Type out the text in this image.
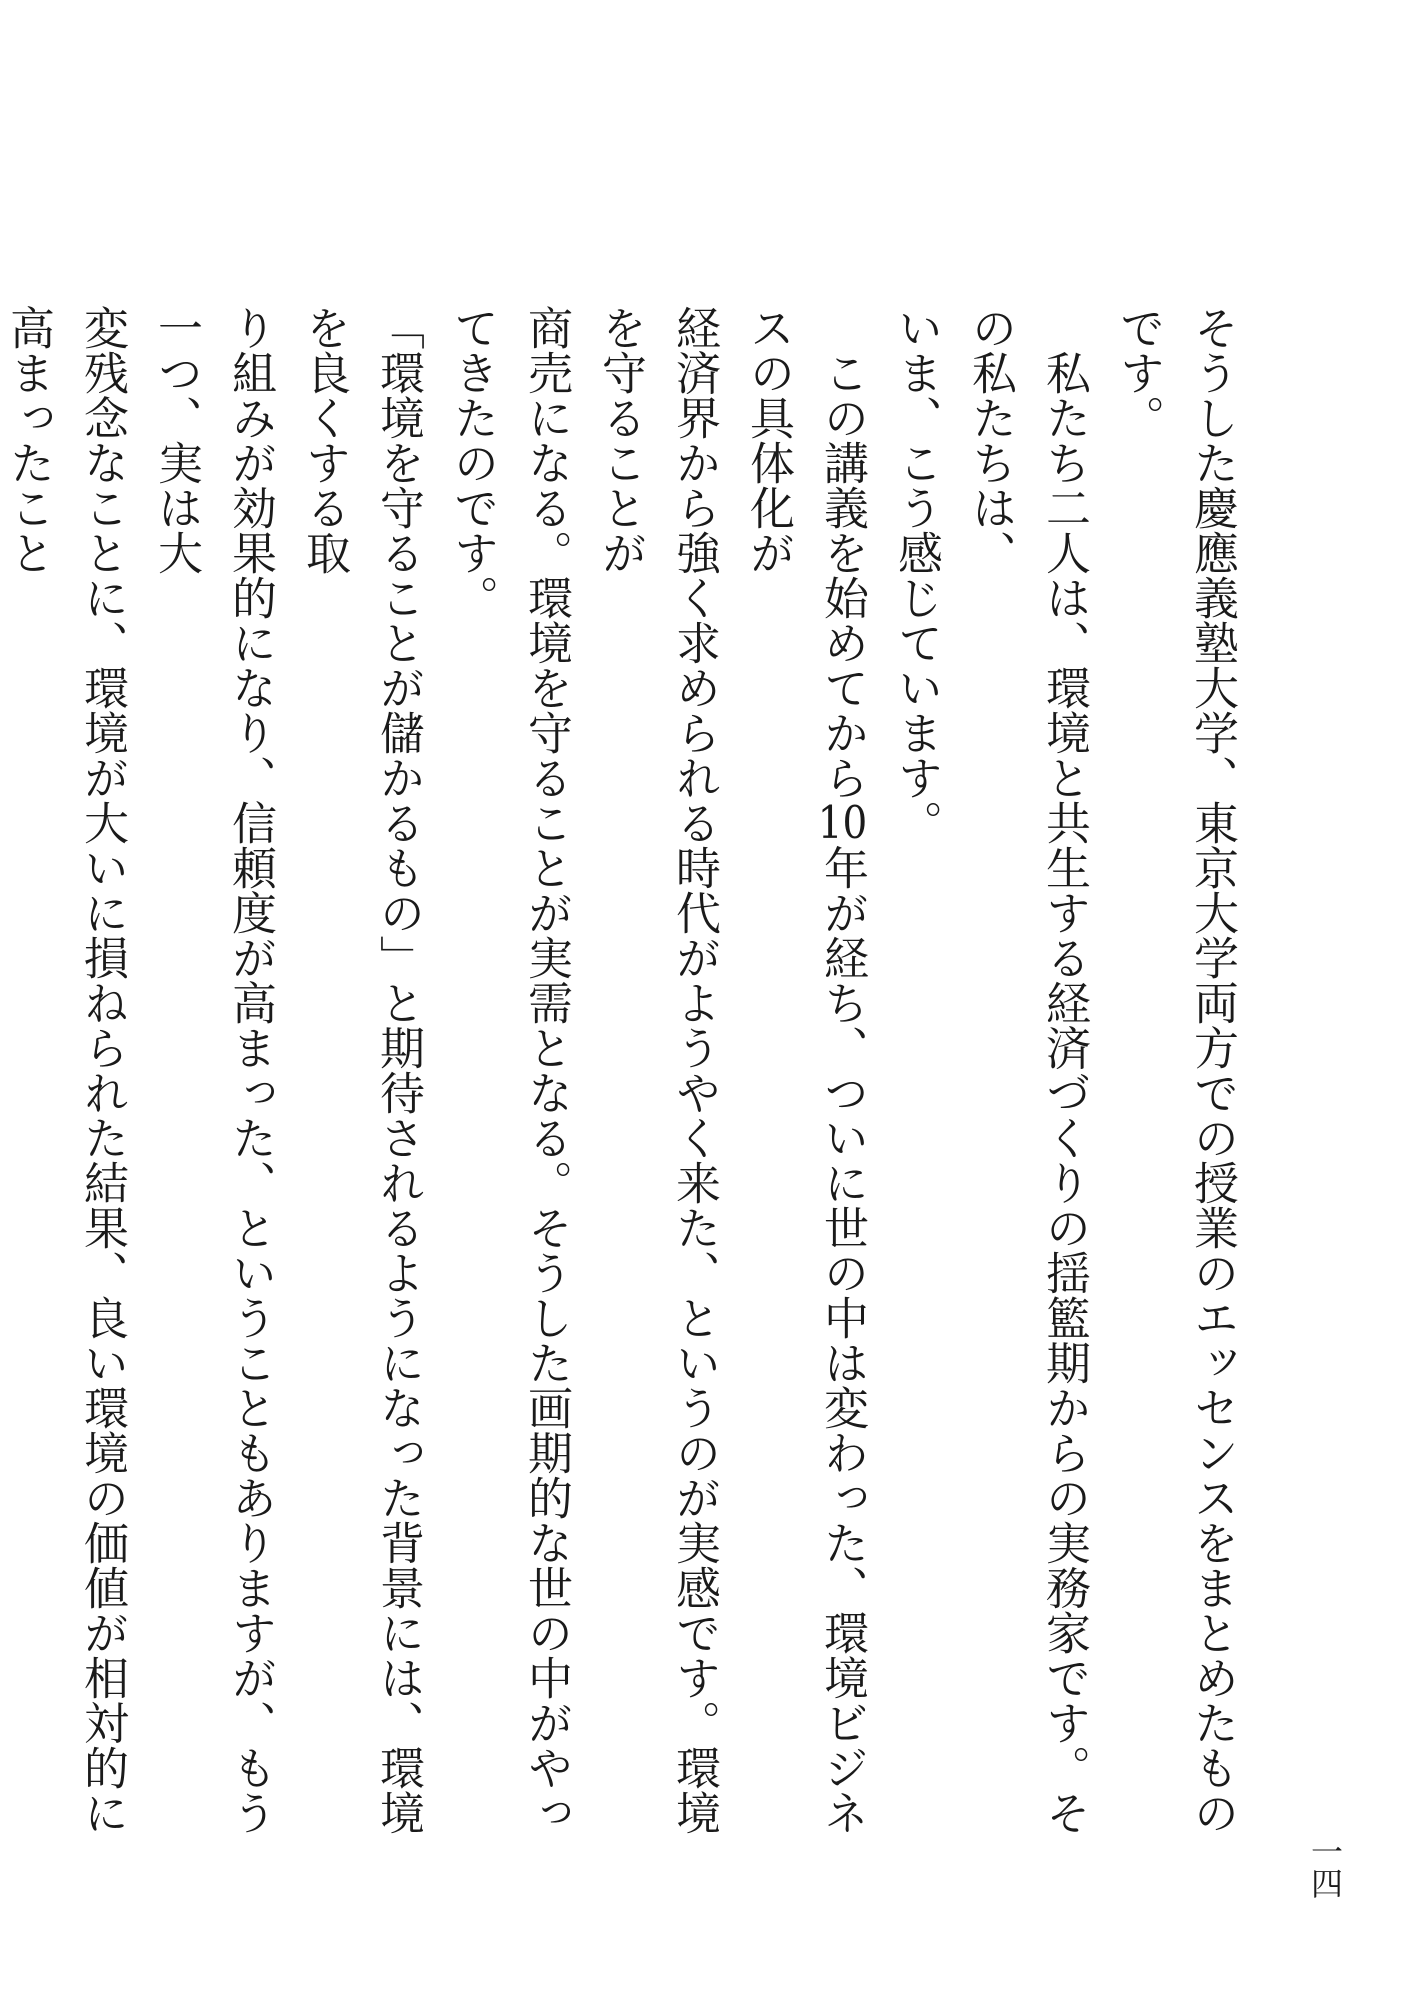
そうした慶應義塾大学、東京大学両方での授業のエッセンスをまとめたものです。
　私たち二人は、環境と共生する経済づくりの揺籃期からの実務家です。その私たちは、
いま、こう感じています。
　この講義を始めてから10年が経ち、ついに世の中は変わった、環境ビジネスの具体化が
経済界から強く求められる時代がようやく来た、というのが実感です。環境を守ることが
商売になる。環境を守ることが実需となる。そうした画期的な世の中がやってきたのです。
「環境を守ることが儲かるもの」と期待されるようになった背景には、環境を良くする取
り組みが効果的になり、信頼度が高まった、ということもありますが、もう一つ、実は大
変残念なことに、環境が大いに損ねられた結果、良い環境の価値が相対的に高まったこと
一四
